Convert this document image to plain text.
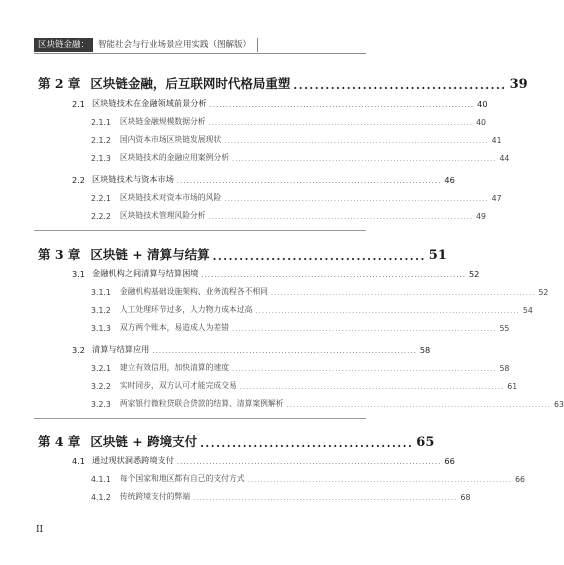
区块链金融：	智能社会与行业场景应用实践（图解版）
第 2 章 区块链金融，后互联网时代格局重塑 ........................................ 39
2.1 区块链技术在金融领域前景分析 .................................................................................. 40
2.1.1 区块链金融规模数据分析 .................................................................................. 40
2.1.2 国内资本市场区块链发展现状 .................................................................................. 41
2.1.3 区块链技术的金融应用案例分析 .................................................................................. 44
2.2 区块链技术与资本市场 .................................................................................. 46
2.2.1 区块链技术对资本市场的风险 .................................................................................. 47
2.2.2 区块链技术管理风险分析 .................................................................................. 49
第 3 章 区块链 + 清算与结算 ........................................ 51
3.1 金融机构之间清算与结算困境 .................................................................................. 52
3.1.1 金融机构基础设施架构、业务流程各不相同 .................................................................................. 52
3.1.2 人工处理环节过多，人力物力成本过高 .................................................................................. 54
3.1.3 双方两个账本，易造成人为差错 .................................................................................. 55
3.2 清算与结算应用 .................................................................................. 58
3.2.1 建立有效信用，加快清算的速度 .................................................................................. 58
3.2.2 实时同步，双方认可才能完成交易 .................................................................................. 61
3.2.3 两家银行微粒贷联合贷款的结算、清算案例解析 .................................................................................. 63
第 4 章 区块链 + 跨境支付 ........................................ 65
4.1 通过现状洞悉跨境支付 .................................................................................. 66
4.1.1 每个国家和地区都有自己的支付方式 .................................................................................. 66
4.1.2 传统跨境支付的弊端 .................................................................................. 68
II
